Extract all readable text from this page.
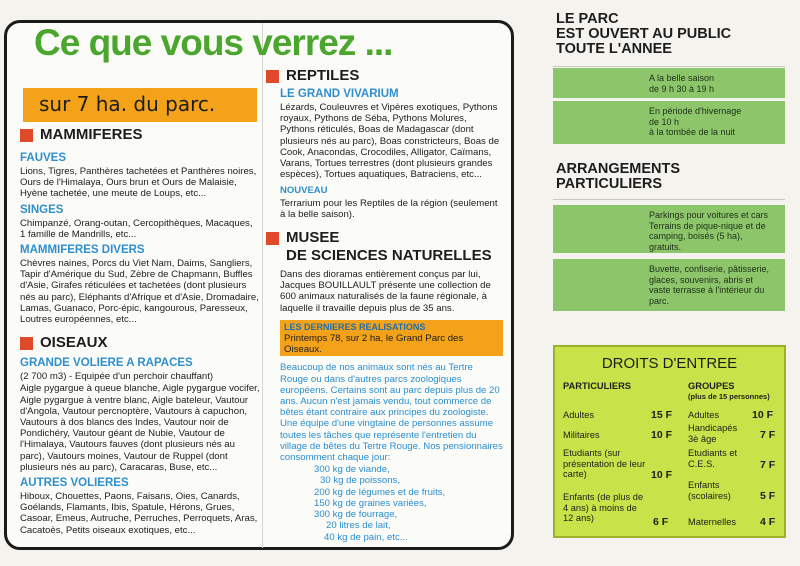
Ce que vous verrez ...
sur 7 ha. du parc.
MAMMIFERES
FAUVES

Lions, Tigres, Panthères tachetées et Panthères noires, Ours de l'Himalaya, Ours brun et Ours de Malaisie, Hyène tachetée, une meute de Loups, etc...

SINGES

Chimpanzé, Orang-outan, Cercopithèques, Macaques, 1 famille de Mandrills, etc...

MAMMIFERES DIVERS

Chèvres naines, Porcs du Viet Nam, Daims, Sangliers, Tapir d'Amérique du Sud, Zèbre de Chapmann, Buffles d'Asie, Girafes réticulées et tachetées (dont plusieurs nés au parc), Eléphants d'Afrique et d'Asie, Dromadaire, Lamas, Guanaco, Porc-épic, kangourous, Paresseux, Loutres européennes, etc...

OISEAUX
GRANDE VOLIERE A RAPACES

(2 700 m3) - Equipée d'un perchoir chauffant)

Aigle pygargue à queue blanche, Aigle pygargue vocifer, Aigle pygargue à ventre blanc, Aigle bateleur, Vautour d'Angola, Vautour percnoptère, Vautours à capuchon, Vautours à dos blancs des Indes, Vautour noir de Pondichéry, Vautour géant de Nubie, Vautour de l'Himalaya, Vautours fauves (dont plusieurs nés au parc), Vautours moines, Vautour de Ruppel (dont plusieurs nés au parc), Caracaras, Buse, etc...

AUTRES VOLIERES

Hiboux, Chouettes, Paons, Faisans, Oies, Canards, Goélands, Flamants, Ibis, Spatule, Hérons, Grues, Casoar, Emeus, Autruche, Perruches, Perroquets, Aras, Cacatoès, Petits oiseaux exotiques, etc...

REPTILES
LE GRAND VIVARIUM

Lézards, Couleuvres et Vipères exotiques, Pythons royaux, Pythons de Séba, Pythons Molures, Pythons réticulés, Boas de Madagascar (dont plusieurs nés au parc), Boas constricteurs, Boas de Cook, Anacondas, Crocodiles, Alligator, Caïmans, Varans, Tortues terrestres (dont plusieurs grandes espèces), Tortues aquatiques, Batraciens, etc...

NOUVEAU

Terrarium pour les Reptiles de la région (seulement à la belle saison).

MUSEE
DE SCIENCES NATURELLES

Dans des dioramas entièrement conçus par lui, Jacques BOUILLAULT présente une collection de 600 animaux naturalisés de la faune régionale, à laquelle il travaille depuis plus de 35 ans.

LES DERNIERES REALISATIONS
Printemps 78, sur 2 ha, le Grand Parc des Oiseaux.
Beaucoup de nos animaux sont nés au Tertre Rouge ou dans d'autres parcs zoologiques européens. Certains sont au parc depuis plus de 20 ans. Aucun n'est jamais vendu, tout commerce de bêtes étant contraire aux principes du zoologiste. Une équipe d'une vingtaine de personnes assume toutes les tâches que représente l'entretien du village de bêtes du Tertre Rouge. Nos pensionnaires consomment chaque jour:
300 kg de viande,
30 kg de poissons,
200 kg de légumes et de fruits,
150 kg de graines variées,
300 kg de fourrage,
20 litres de lait,
40 kg de pain, etc...
LE PARC
EST OUVERT AU PUBLIC
TOUTE L'ANNEE
A la belle saison
de 9 h 30 à 19 h
En période d'hivernage
de 10 h
à la tombée de la nuit
ARRANGEMENTS
PARTICULIERS
Parkings pour voitures et cars Terrains de pique-nique et de camping, boisés (5 ha), gratuits.
Buvette, confiserie, pâtisserie, glaces, souvenirs, abris et vaste terrasse à l'intérieur du parc.
DROITS D'ENTREE
PARTICULIERS	GROUPES
(plus de 15 personnes)
Adultes	15 F
Militaires	10 F
Etudiants (sur présentation de leur carte)	10 F
Enfants (de plus de 4 ans) à moins de 12 ans)	6 F
Adultes	10 F
Handicapés 3è âge	7 F
Etudiants et C.E.S.	7 F
Enfants (scolaires)	5 F
Maternelles	4 F
